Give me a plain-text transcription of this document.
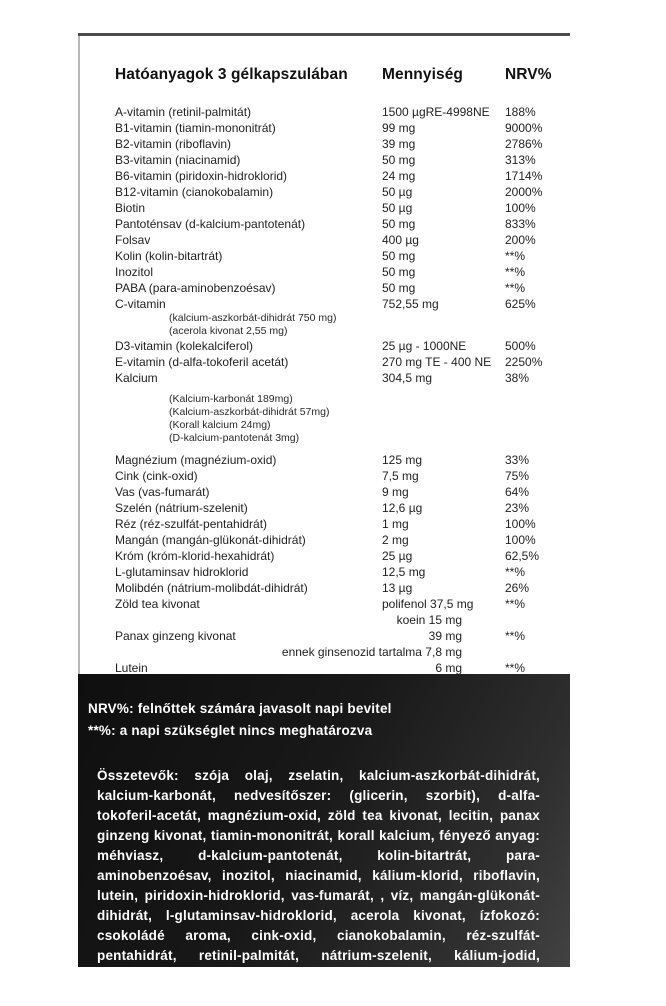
Hatóanyagok 3 gélkapszulában	Mennyiség	NRV%
A-vitamin (retinil-palmitát)	1500 µgRE-4998NE	188%
B1-vitamin (tiamin-mononitrát)	99 mg	9000%
B2-vitamin (riboflavin)	39 mg	2786%
B3-vitamin (niacinamid)	50 mg	313%
B6-vitamin (piridoxin-hidroklorid)	24 mg	1714%
B12-vitamin (cianokobalamin)	50 µg	2000%
Biotin	50 µg	100%
Pantoténsav (d-kalcium-pantotenát)	50 mg	833%
Folsav	400 µg	200%
Kolin (kolin-bitartrát)	50 mg	**%
Inozitol	50 mg	**%
PABA (para-aminobenzoésav)	50 mg	**%
C-vitamin	752,55 mg	625%
(kalcium-aszkorbát-dihidrát 750 mg)
(acerola kivonat 2,55 mg)
D3-vitamin (kolekalciferol)	25 µg - 1000NE	500%
E-vitamin (d-alfa-tokoferil acetát)	270 mg TE - 400 NE	2250%
Kalcium	304,5 mg	38%
(Kalcium-karbonát 189mg)
(Kalcium-aszkorbát-dihidrát 57mg)
(Korall kalcium 24mg)
(D-kalcium-pantotenát 3mg)
Magnézium (magnézium-oxid)	125 mg	33%
Cink (cink-oxid)	7,5 mg	75%
Vas (vas-fumarát)	9 mg	64%
Szelén (nátrium-szelenit)	12,6 µg	23%
Réz (réz-szulfát-pentahidrát)	1 mg	100%
Mangán (mangán-glükonát-dihidrát)	2 mg	100%
Króm (króm-klorid-hexahidrát)	25 µg	62,5%
L-glutaminsav hidroklorid	12,5 mg	**%
Molibdén (nátrium-molibdát-dihidrát)	13 µg	26%
Zöld tea kivonat	polifenol 37,5 mg	**%
koein 15 mg
Panax ginzeng kivonat	39 mg	**%
ennek ginsenozid tartalma 7,8 mg
Lutein	6 mg	**%
NRV%: felnőttek számára javasolt napi bevitel
**%: a napi szükséglet nincs meghatározva

Összetevők: szója olaj, zselatin, kalcium-aszkorbát-dihidrát, kalcium-karbonát, nedvesítőszer: (glicerin, szorbit), d-alfa-tokoferil-acetát, magnézium-oxid, zöld tea kivonat, lecitin, panax ginzeng kivonat, tiamin-mononitrát, korall kalcium, fényező anyag: méhviasz, d-kalcium-pantotenát, kolin-bitartrát, para-aminobenzoésav, inozitol, niacinamid, kálium-klorid, riboflavin, lutein, piridoxin-hidroklorid, vas-fumarát, , víz, mangán-glükonát-dihidrát, l-glutaminsav-hidroklorid, acerola kivonat, ízfokozó: csokoládé aroma, cink-oxid, cianokobalamin, réz-szulfát-pentahidrát, retinil-palmitát, nátrium-szelenit, kálium-jodid, színezék: (vas-oxid, titánium-dioxid), folsav króm-klorid-hexahidrát, kolekalciferol, biotin nátrium-molibdát-dihidrát.
